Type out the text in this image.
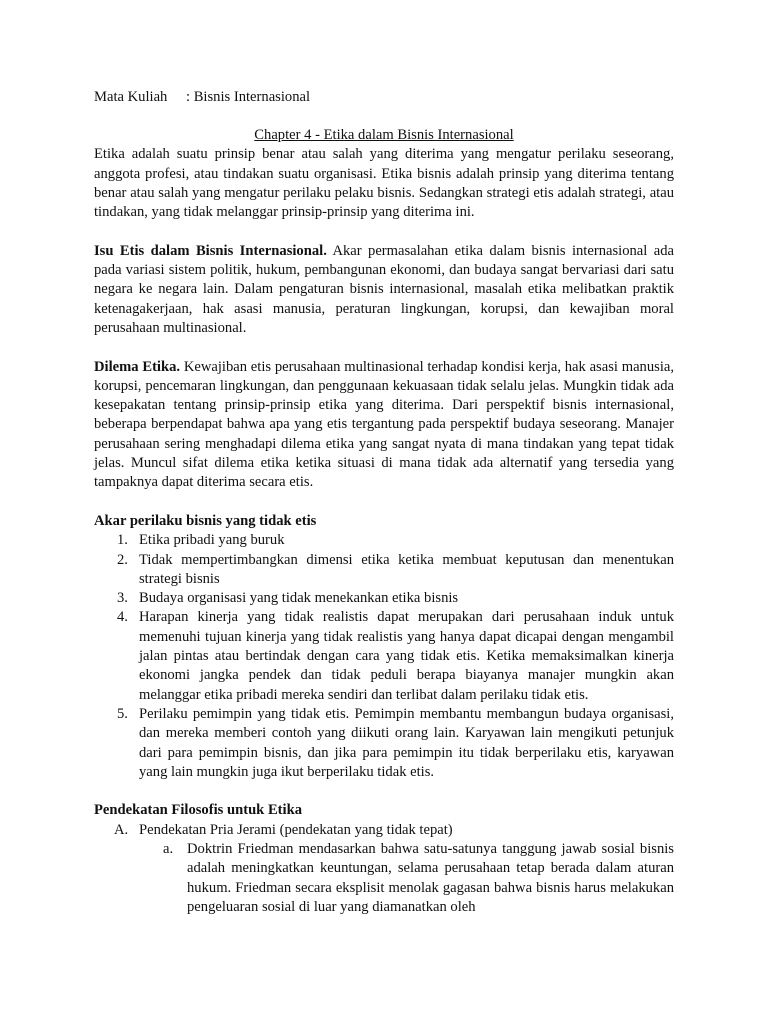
Mata Kuliah : Bisnis Internasional

Chapter 4 - Etika dalam Bisnis Internasional

Etika adalah suatu prinsip benar atau salah yang diterima yang mengatur perilaku seseorang, anggota profesi, atau tindakan suatu organisasi. Etika bisnis adalah prinsip yang diterima tentang benar atau salah yang mengatur perilaku pelaku bisnis. Sedangkan strategi etis adalah strategi, atau tindakan, yang tidak melanggar prinsip-prinsip yang diterima ini.

Isu Etis dalam Bisnis Internasional. Akar permasalahan etika dalam bisnis internasional ada pada variasi sistem politik, hukum, pembangunan ekonomi, dan budaya sangat bervariasi dari satu negara ke negara lain. Dalam pengaturan bisnis internasional, masalah etika melibatkan praktik ketenagakerjaan, hak asasi manusia, peraturan lingkungan, korupsi, dan kewajiban moral perusahaan multinasional.

Dilema Etika. Kewajiban etis perusahaan multinasional terhadap kondisi kerja, hak asasi manusia, korupsi, pencemaran lingkungan, dan penggunaan kekuasaan tidak selalu jelas. Mungkin tidak ada kesepakatan tentang prinsip-prinsip etika yang diterima. Dari perspektif bisnis internasional, beberapa berpendapat bahwa apa yang etis tergantung pada perspektif budaya seseorang. Manajer perusahaan sering menghadapi dilema etika yang sangat nyata di mana tindakan yang tepat tidak jelas. Muncul sifat dilema etika ketika situasi di mana tidak ada alternatif yang tersedia yang tampaknya dapat diterima secara etis.

Akar perilaku bisnis yang tidak etis
1. Etika pribadi yang buruk
2. Tidak mempertimbangkan dimensi etika ketika membuat keputusan dan menentukan strategi bisnis
3. Budaya organisasi yang tidak menekankan etika bisnis
4. Harapan kinerja yang tidak realistis dapat merupakan dari perusahaan induk untuk memenuhi tujuan kinerja yang tidak realistis yang hanya dapat dicapai dengan mengambil jalan pintas atau bertindak dengan cara yang tidak etis. Ketika memaksimalkan kinerja ekonomi jangka pendek dan tidak peduli berapa biayanya manajer mungkin akan melanggar etika pribadi mereka sendiri dan terlibat dalam perilaku tidak etis.
5. Perilaku pemimpin yang tidak etis. Pemimpin membantu membangun budaya organisasi, dan mereka memberi contoh yang diikuti orang lain. Karyawan lain mengikuti petunjuk dari para pemimpin bisnis, dan jika para pemimpin itu tidak berperilaku etis, karyawan yang lain mungkin juga ikut berperilaku tidak etis.
Pendekatan Filosofis untuk Etika
A. Pendekatan Pria Jerami (pendekatan yang tidak tepat)
a. Doktrin Friedman mendasarkan bahwa satu-satunya tanggung jawab sosial bisnis adalah meningkatkan keuntungan, selama perusahaan tetap berada dalam aturan hukum. Friedman secara eksplisit menolak gagasan bahwa bisnis harus melakukan pengeluaran sosial di luar yang diamanatkan oleh
